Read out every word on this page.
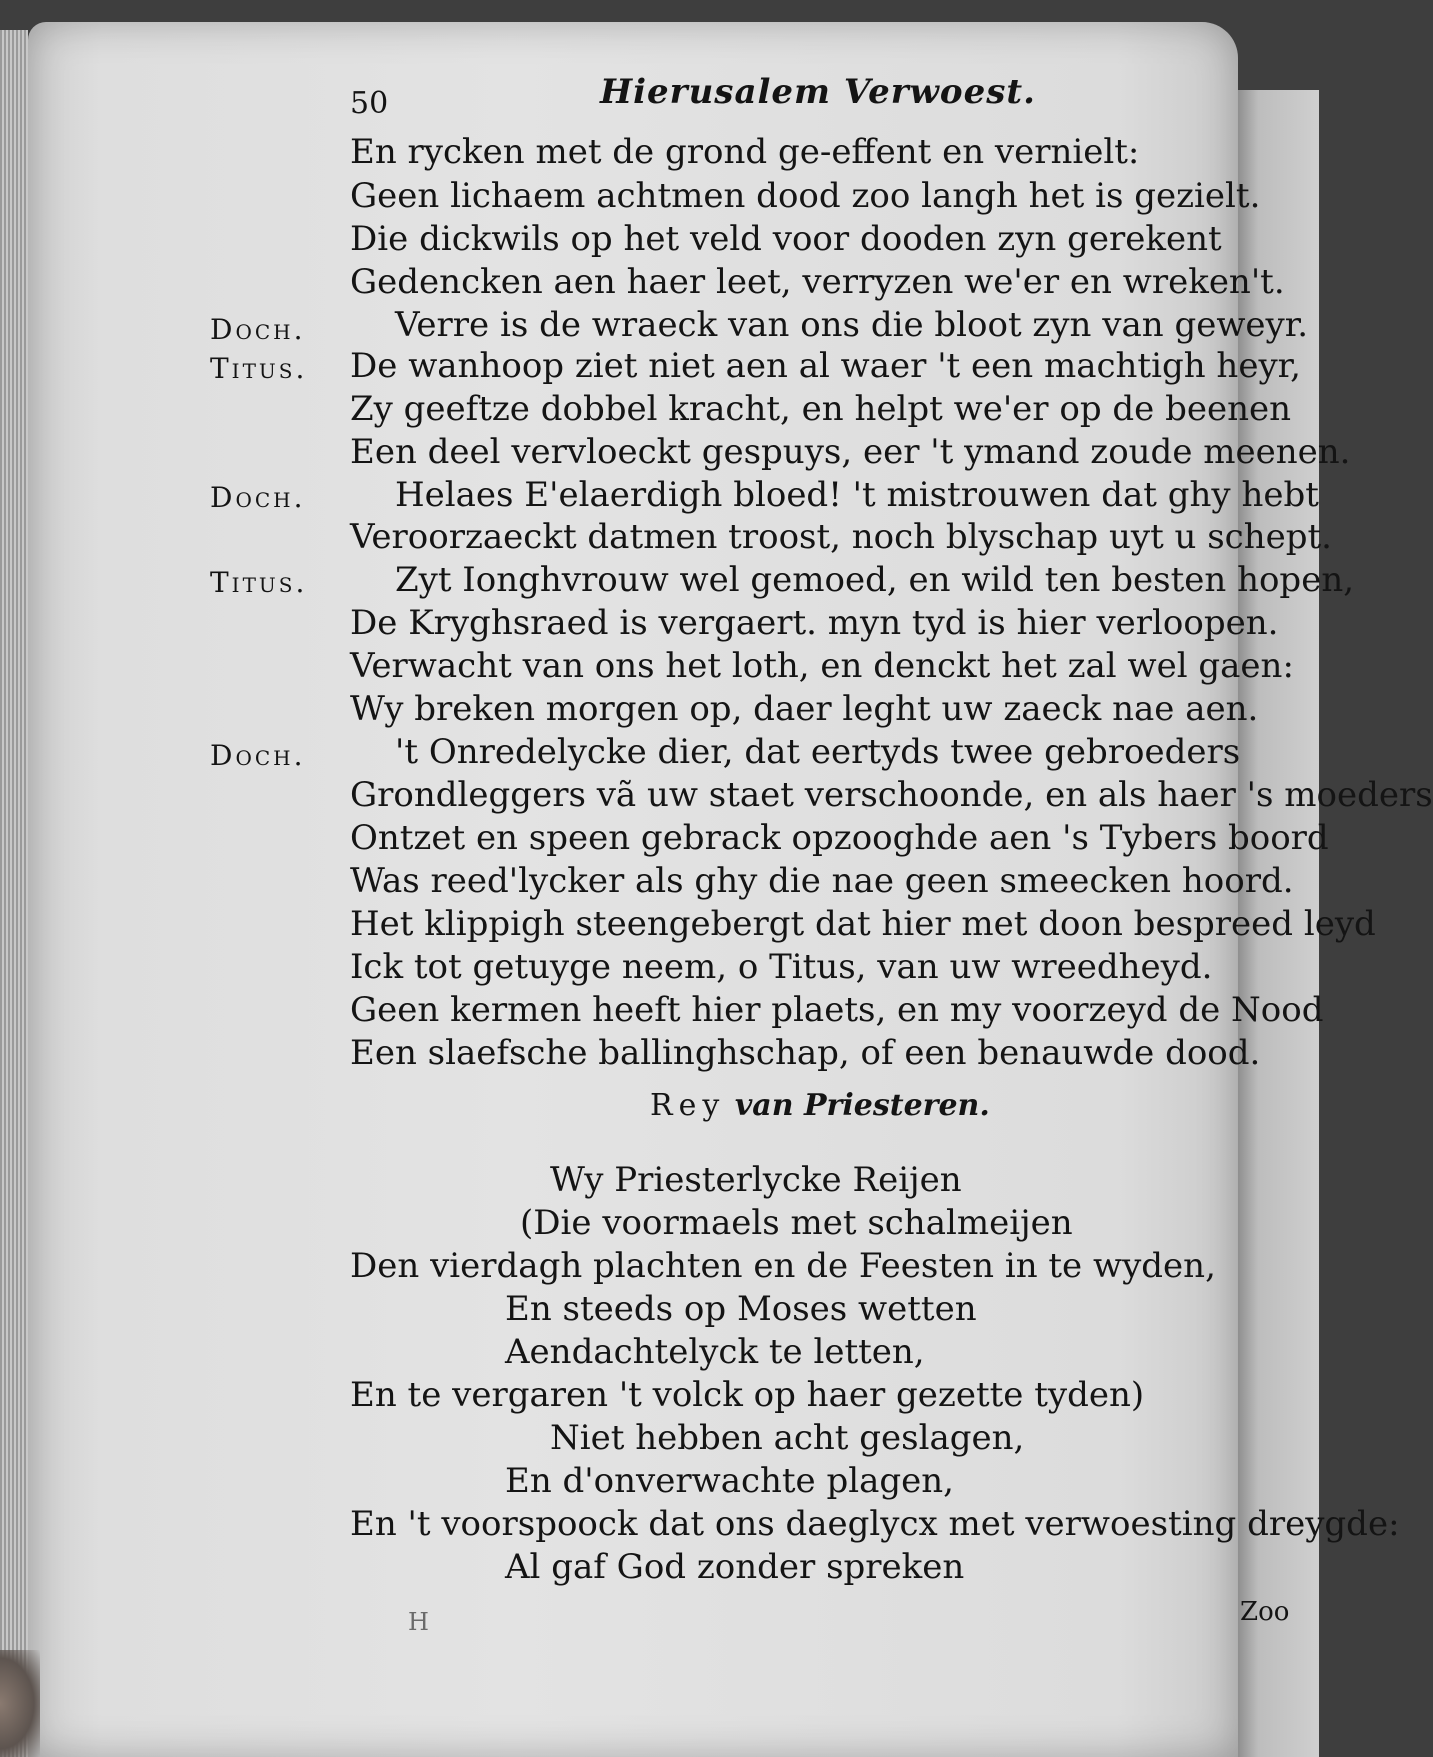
50	Hierusalem Verwoest.
Doch.
Titus.
Doch.
Titus.
Doch.
En rycken met de grond ge-effent en vernielt:
Geen lichaem achtmen dood zoo langh het is gezielt.
Die dickwils op het veld voor dooden zyn gerekent
Gedencken aen haer leet, verryzen we'er en wreken't.
Verre is de wraeck van ons die bloot zyn van geweyr.
De wanhoop ziet niet aen al waer 't een machtigh heyr,
Zy geeftze dobbel kracht, en helpt we'er op de beenen
Een deel vervloeckt gespuys, eer 't ymand zoude meenen.
Helaes E'elaerdigh bloed! 't mistrouwen dat ghy hebt
Veroorzaeckt datmen troost, noch blyschap uyt u schept.
Zyt Ionghvrouw wel gemoed, en wild ten besten hopen,
De Kryghsraed is vergaert. myn tyd is hier verloopen.
Verwacht van ons het loth, en denckt het zal wel gaen:
Wy breken morgen op, daer leght uw zaeck nae aen.
't Onredelycke dier, dat eertyds twee gebroeders
Grondleggers vã uw staet verschoonde, en als haer 's moeders
Ontzet en speen gebrack opzooghde aen 's Tybers boord
Was reed'lycker als ghy die nae geen smeecken hoord.
Het klippigh steengebergt dat hier met doon bespreed leyd
Ick tot getuyge neem, o Titus, van uw wreedheyd.
Geen kermen heeft hier plaets, en my voorzeyd de Nood
Een slaefsche ballinghschap, of een benauwde dood.
Rey van Priesteren.
Wy Priesterlycke Reijen
(Die voormaels met schalmeijen
Den vierdagh plachten en de Feesten in te wyden,
En steeds op Moses wetten
Aendachtelyck te letten,
En te vergaren 't volck op haer gezette tyden)
Niet hebben acht geslagen,
En d'onverwachte plagen,
En 't voorspoock dat ons daeglycx met verwoesting dreygde:
Al gaf God zonder spreken
H	Zoo
